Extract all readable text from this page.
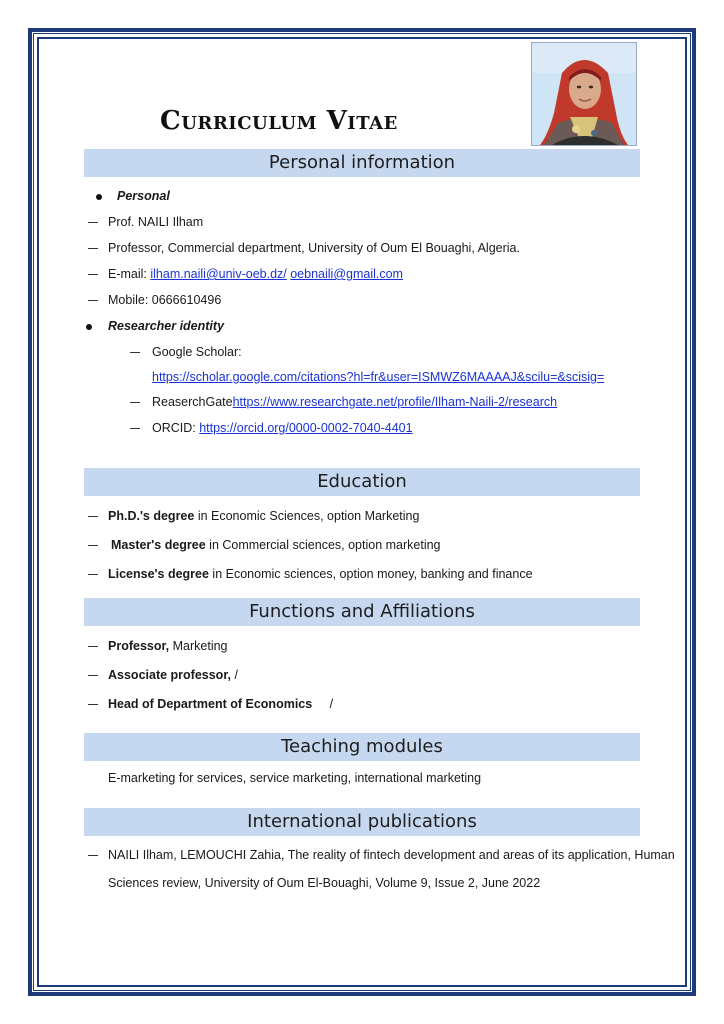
Curriculum Vitae
Personal information
Personal
Prof. NAILI Ilham
Professor, Commercial department, University of Oum El Bouaghi, Algeria.
E-mail: ilham.naili@univ-oeb.dz/ oebnaili@gmail.com
Mobile: 0666610496
Researcher identity
Google Scholar:
https://scholar.google.com/citations?hl=fr&user=ISMWZ6MAAAAJ&scilu=&scisig=
ReaserchGatehttps://www.researchgate.net/profile/Ilham-Naili-2/research
ORCID: https://orcid.org/0000-0002-7040-4401
Education
Ph.D.'s degree in Economic Sciences, option Marketing
Master's degree in Commercial sciences, option marketing
License's degree in Economic sciences, option money, banking and finance
Functions and Affiliations
Professor, Marketing
Associate professor, /
Head of Department of Economics     /
Teaching modules
E-marketing for services, service marketing, international marketing
International publications
NAILI Ilham, LEMOUCHI Zahia, The reality of fintech development and areas of its application, Human
Sciences review, University of Oum El-Bouaghi, Volume 9, Issue 2, June 2022
